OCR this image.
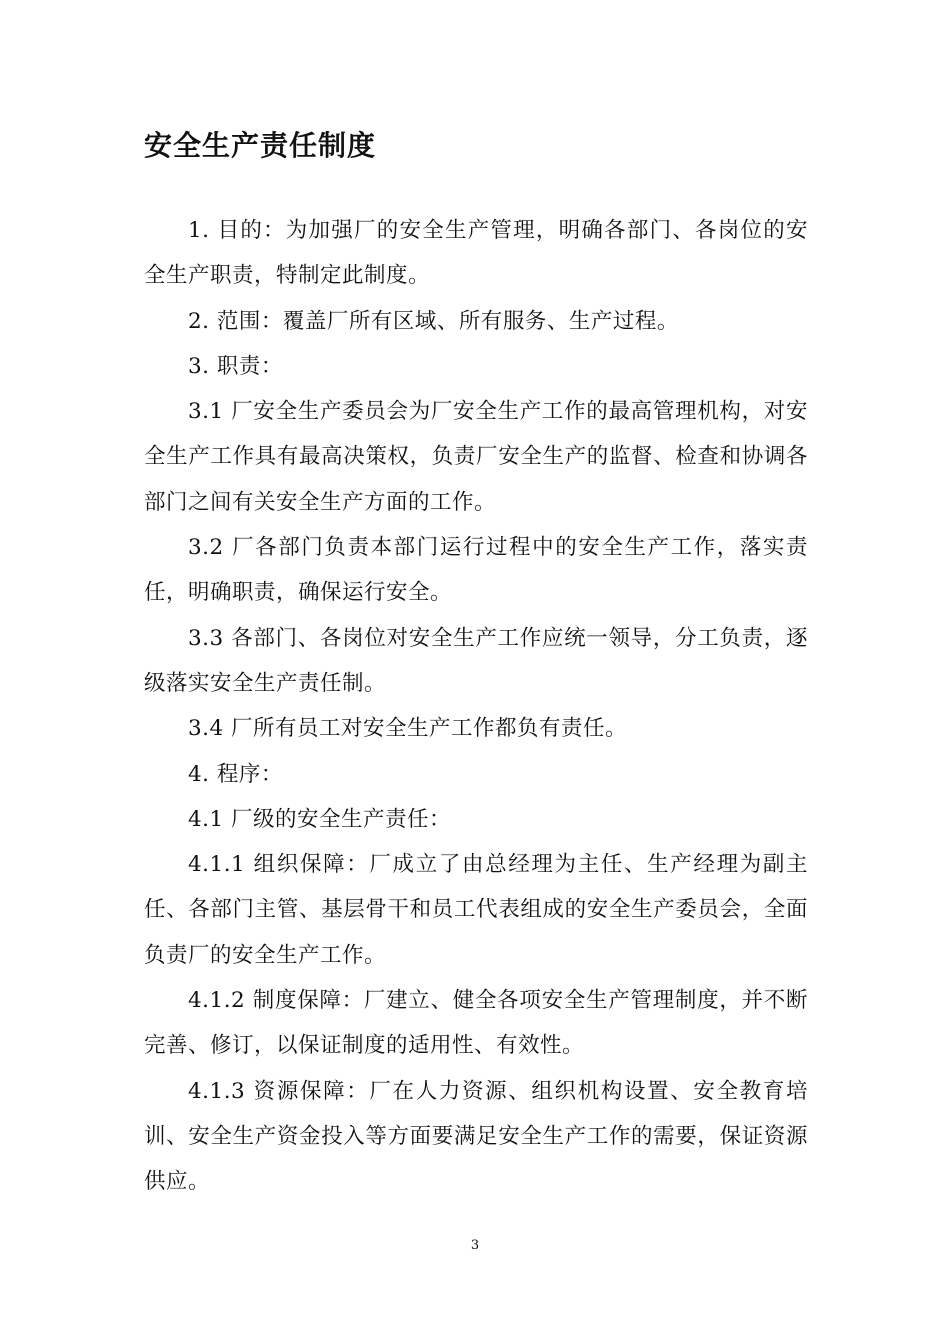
安全生产责任制度

1. 目的：为加强厂的安全生产管理，明确各部门、各岗位的安全生产职责，特制定此制度。

2. 范围：覆盖厂所有区域、所有服务、生产过程。

3. 职责：

3.1 厂安全生产委员会为厂安全生产工作的最高管理机构，对安全生产工作具有最高决策权，负责厂安全生产的监督、检查和协调各部门之间有关安全生产方面的工作。

3.2 厂各部门负责本部门运行过程中的安全生产工作，落实责任，明确职责，确保运行安全。

3.3 各部门、各岗位对安全生产工作应统一领导，分工负责，逐级落实安全生产责任制。

3.4 厂所有员工对安全生产工作都负有责任。

4. 程序：

4.1 厂级的安全生产责任：

4.1.1 组织保障：厂成立了由总经理为主任、生产经理为副主任、各部门主管、基层骨干和员工代表组成的安全生产委员会，全面负责厂的安全生产工作。

4.1.2 制度保障：厂建立、健全各项安全生产管理制度，并不断完善、修订，以保证制度的适用性、有效性。

4.1.3 资源保障：厂在人力资源、组织机构设置、安全教育培训、安全生产资金投入等方面要满足安全生产工作的需要，保证资源供应。

3
